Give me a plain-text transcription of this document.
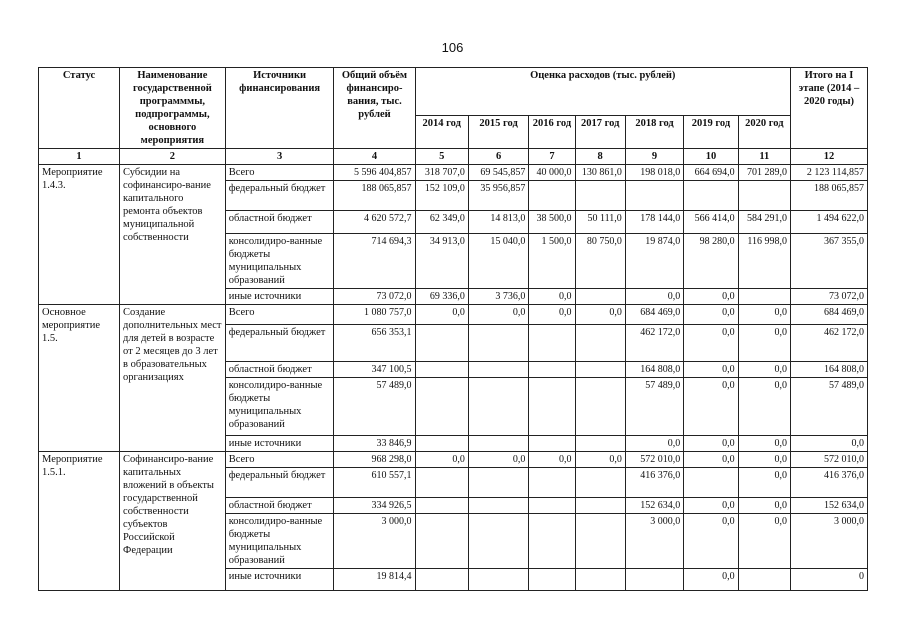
106
Статус	Наименование государственной программмы, подпрограммы, основного мероприятия	Источники финансирования	Общий объём финансиро-вания, тыс. рублей	Оценка расходов (тыс. рублей)							Итого на I этапе (2014 – 2020 годы)
				2014 год	2015 год	2016 год	2017 год	2018 год	2019 год	2020 год	
1	2	3	4	5	6	7	8	9	10	11	12
Мероприятие 1.4.3.	Субсидии на софинансиро-вание капитального ремонта объектов муниципальной собственности	Всего	5 596 404,857	318 707,0	69 545,857	40 000,0	130 861,0	198 018,0	664 694,0	701 289,0	2 123 114,857
		федеральный бюджет	188 065,857	152 109,0	35 956,857						188 065,857
		областной бюджет	4 620 572,7	62 349,0	14 813,0	38 500,0	50 111,0	178 144,0	566 414,0	584 291,0	1 494 622,0
		консолидиро-ванные бюджеты муниципальных образований	714 694,3	34 913,0	15 040,0	1 500,0	80 750,0	19 874,0	98 280,0	116 998,0	367 355,0
		иные источники	73 072,0	69 336,0	3 736,0	0,0		0,0	0,0		73 072,0
Основное мероприятие 1.5.	Создание дополнительных мест для детей в возрасте от 2 месяцев до 3 лет в образовательных организациях	Всего	1 080 757,0	0,0	0,0	0,0	0,0	684 469,0	0,0	0,0	684 469,0
		федеральный бюджет	656 353,1					462 172,0	0,0	0,0	462 172,0
		областной бюджет	347 100,5					164 808,0	0,0	0,0	164 808,0
		консолидиро-ванные бюджеты муниципальных образований	57 489,0					57 489,0	0,0	0,0	57 489,0
		иные источники	33 846,9					0,0	0,0	0,0	0,0
Мероприятие 1.5.1.	Софинансиро-вание капитальных вложений в объекты государственной собственности субъектов Российской Федерации	Всего	968 298,0	0,0	0,0	0,0	0,0	572 010,0	0,0	0,0	572 010,0
		федеральный бюджет	610 557,1					416 376,0		0,0	416 376,0
		областной бюджет	334 926,5					152 634,0	0,0	0,0	152 634,0
		консолидиро-ванные бюджеты муниципальных образований	3 000,0					3 000,0	0,0	0,0	3 000,0
		иные источники	19 814,4						0,0		0
